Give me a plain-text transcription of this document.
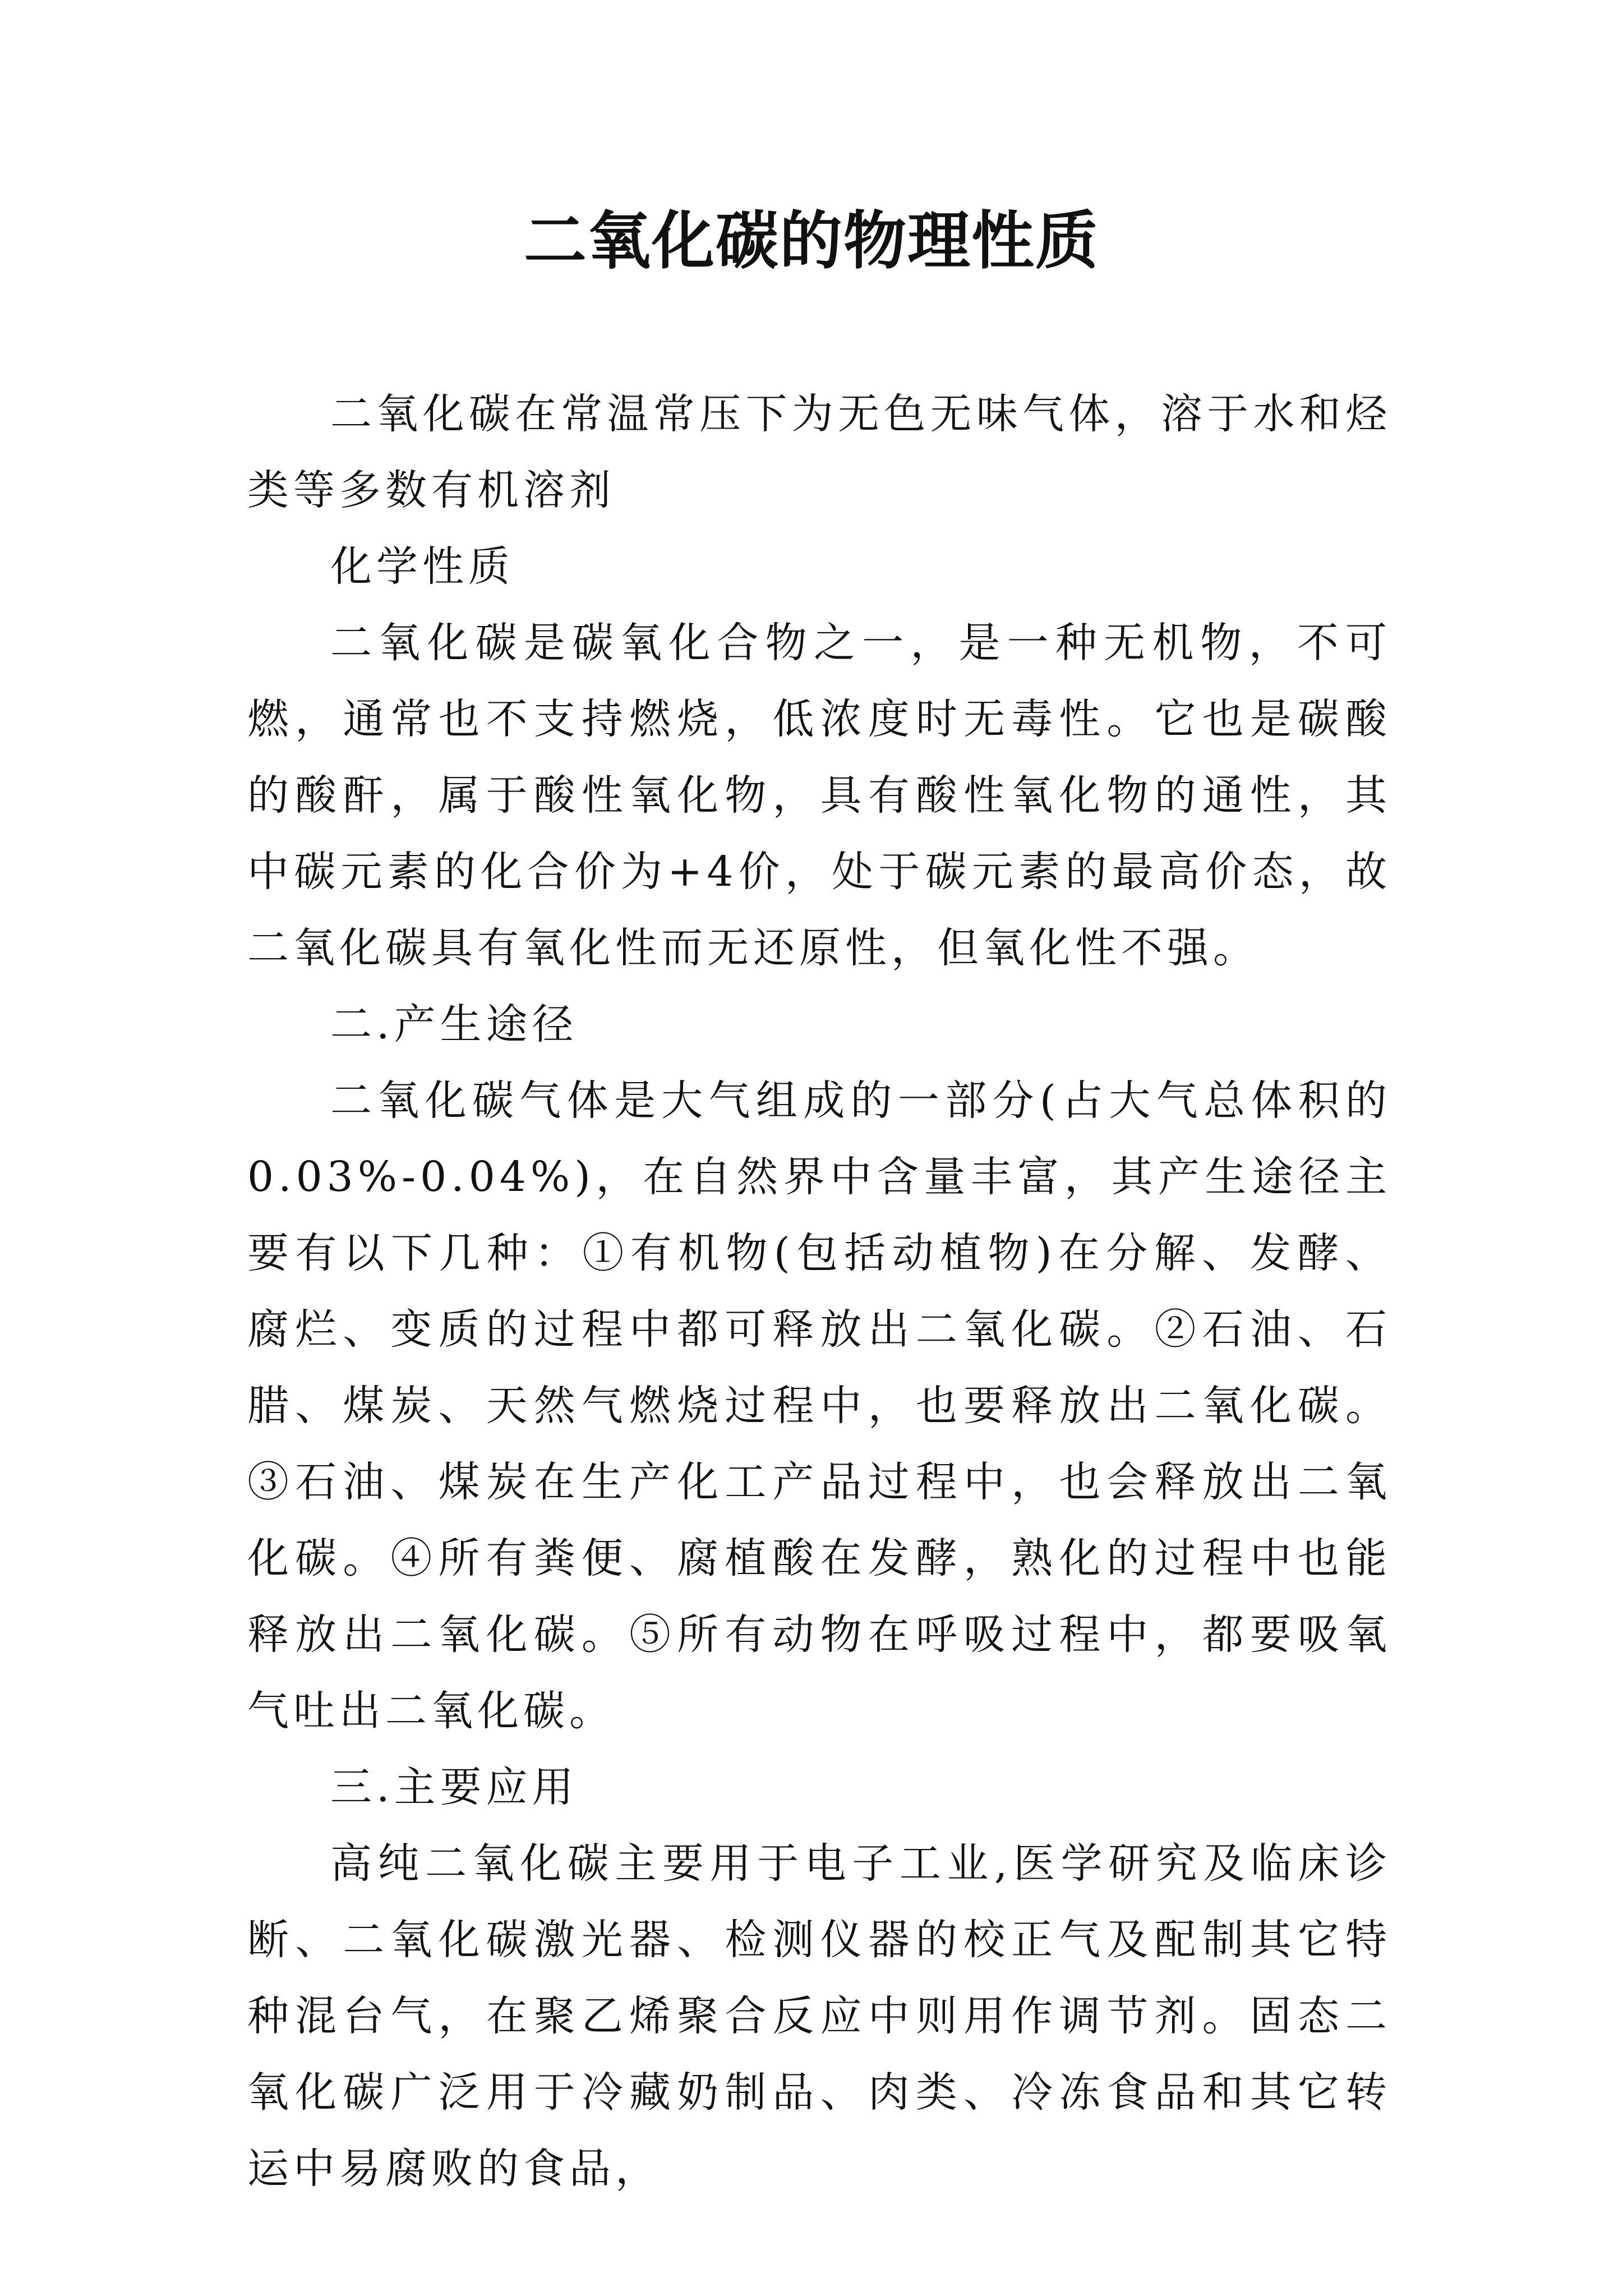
二氧化碳的物理性质

二氧化碳在常温常压下为无色无味气体，溶于水和烃类等多数有机溶剂

化学性质

二氧化碳是碳氧化合物之一，是一种无机物，不可燃，通常也不支持燃烧，低浓度时无毒性。它也是碳酸的酸酐，属于酸性氧化物，具有酸性氧化物的通性，其中碳元素的化合价为+4价，处于碳元素的最高价态，故二氧化碳具有氧化性而无还原性，但氧化性不强。

二.产生途径

二氧化碳气体是大气组成的一部分(占大气总体积的0.03%-0.04%)，在自然界中含量丰富，其产生途径主要有以下几种：①有机物(包括动植物)在分解、发酵、腐烂、变质的过程中都可释放出二氧化碳。②石油、石腊、煤炭、天然气燃烧过程中，也要释放出二氧化碳。③石油、煤炭在生产化工产品过程中，也会释放出二氧化碳。④所有粪便、腐植酸在发酵，熟化的过程中也能释放出二氧化碳。⑤所有动物在呼吸过程中，都要吸氧气吐出二氧化碳。

三.主要应用

高纯二氧化碳主要用于电子工业,医学研究及临床诊断、二氧化碳激光器、检测仪器的校正气及配制其它特种混台气，在聚乙烯聚合反应中则用作调节剂。固态二氧化碳广泛用于冷藏奶制品、肉类、冷冻食品和其它转运中易腐败的食品，
